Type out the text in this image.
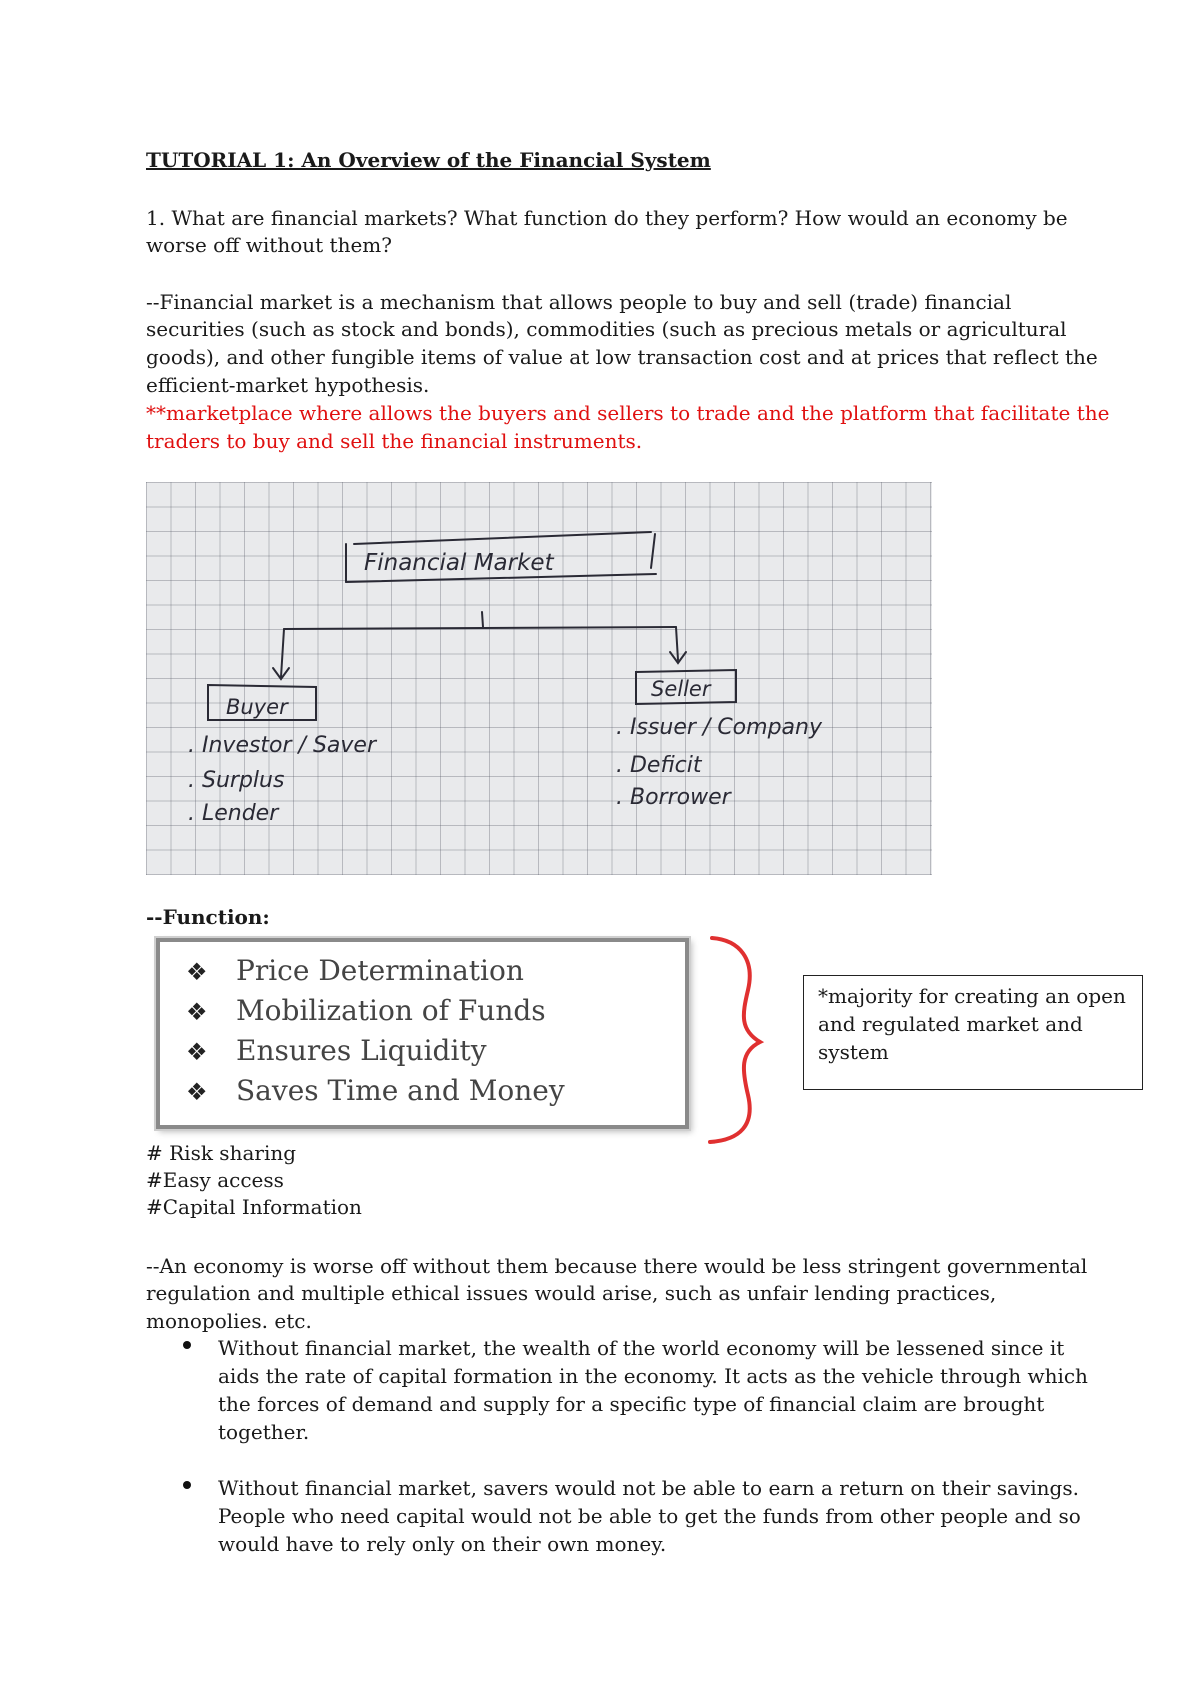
TUTORIAL 1: An Overview of the Financial System
1. What are financial markets? What function do they perform? How would an economy be
worse off without them?
--Financial market is a mechanism that allows people to buy and sell (trade) financial
securities (such as stock and bonds), commodities (such as precious metals or agricultural
goods), and other fungible items of value at low transaction cost and at prices that reflect the
efficient-market hypothesis.
**marketplace where allows the buyers and sellers to trade and the platform that facilitate the
traders to buy and sell the financial instruments.
Financial Market
Buyer
Seller
. Investor / Saver
. Surplus
. Lender
. Issuer / Company
. Deficit
. Borrower
--Function:
❖ Price Determination
❖ Mobilization of Funds
❖ Ensures Liquidity
❖ Saves Time and Money
*majority for creating an open
and regulated market and
system
# Risk sharing
#Easy access
#Capital Information
--An economy is worse off without them because there would be less stringent governmental
regulation and multiple ethical issues would arise, such as unfair lending practices,
monopolies. etc.
Without financial market, the wealth of the world economy will be lessened since it
aids the rate of capital formation in the economy. It acts as the vehicle through which
the forces of demand and supply for a specific type of financial claim are brought
together.
Without financial market, savers would not be able to earn a return on their savings.
People who need capital would not be able to get the funds from other people and so
would have to rely only on their own money.
